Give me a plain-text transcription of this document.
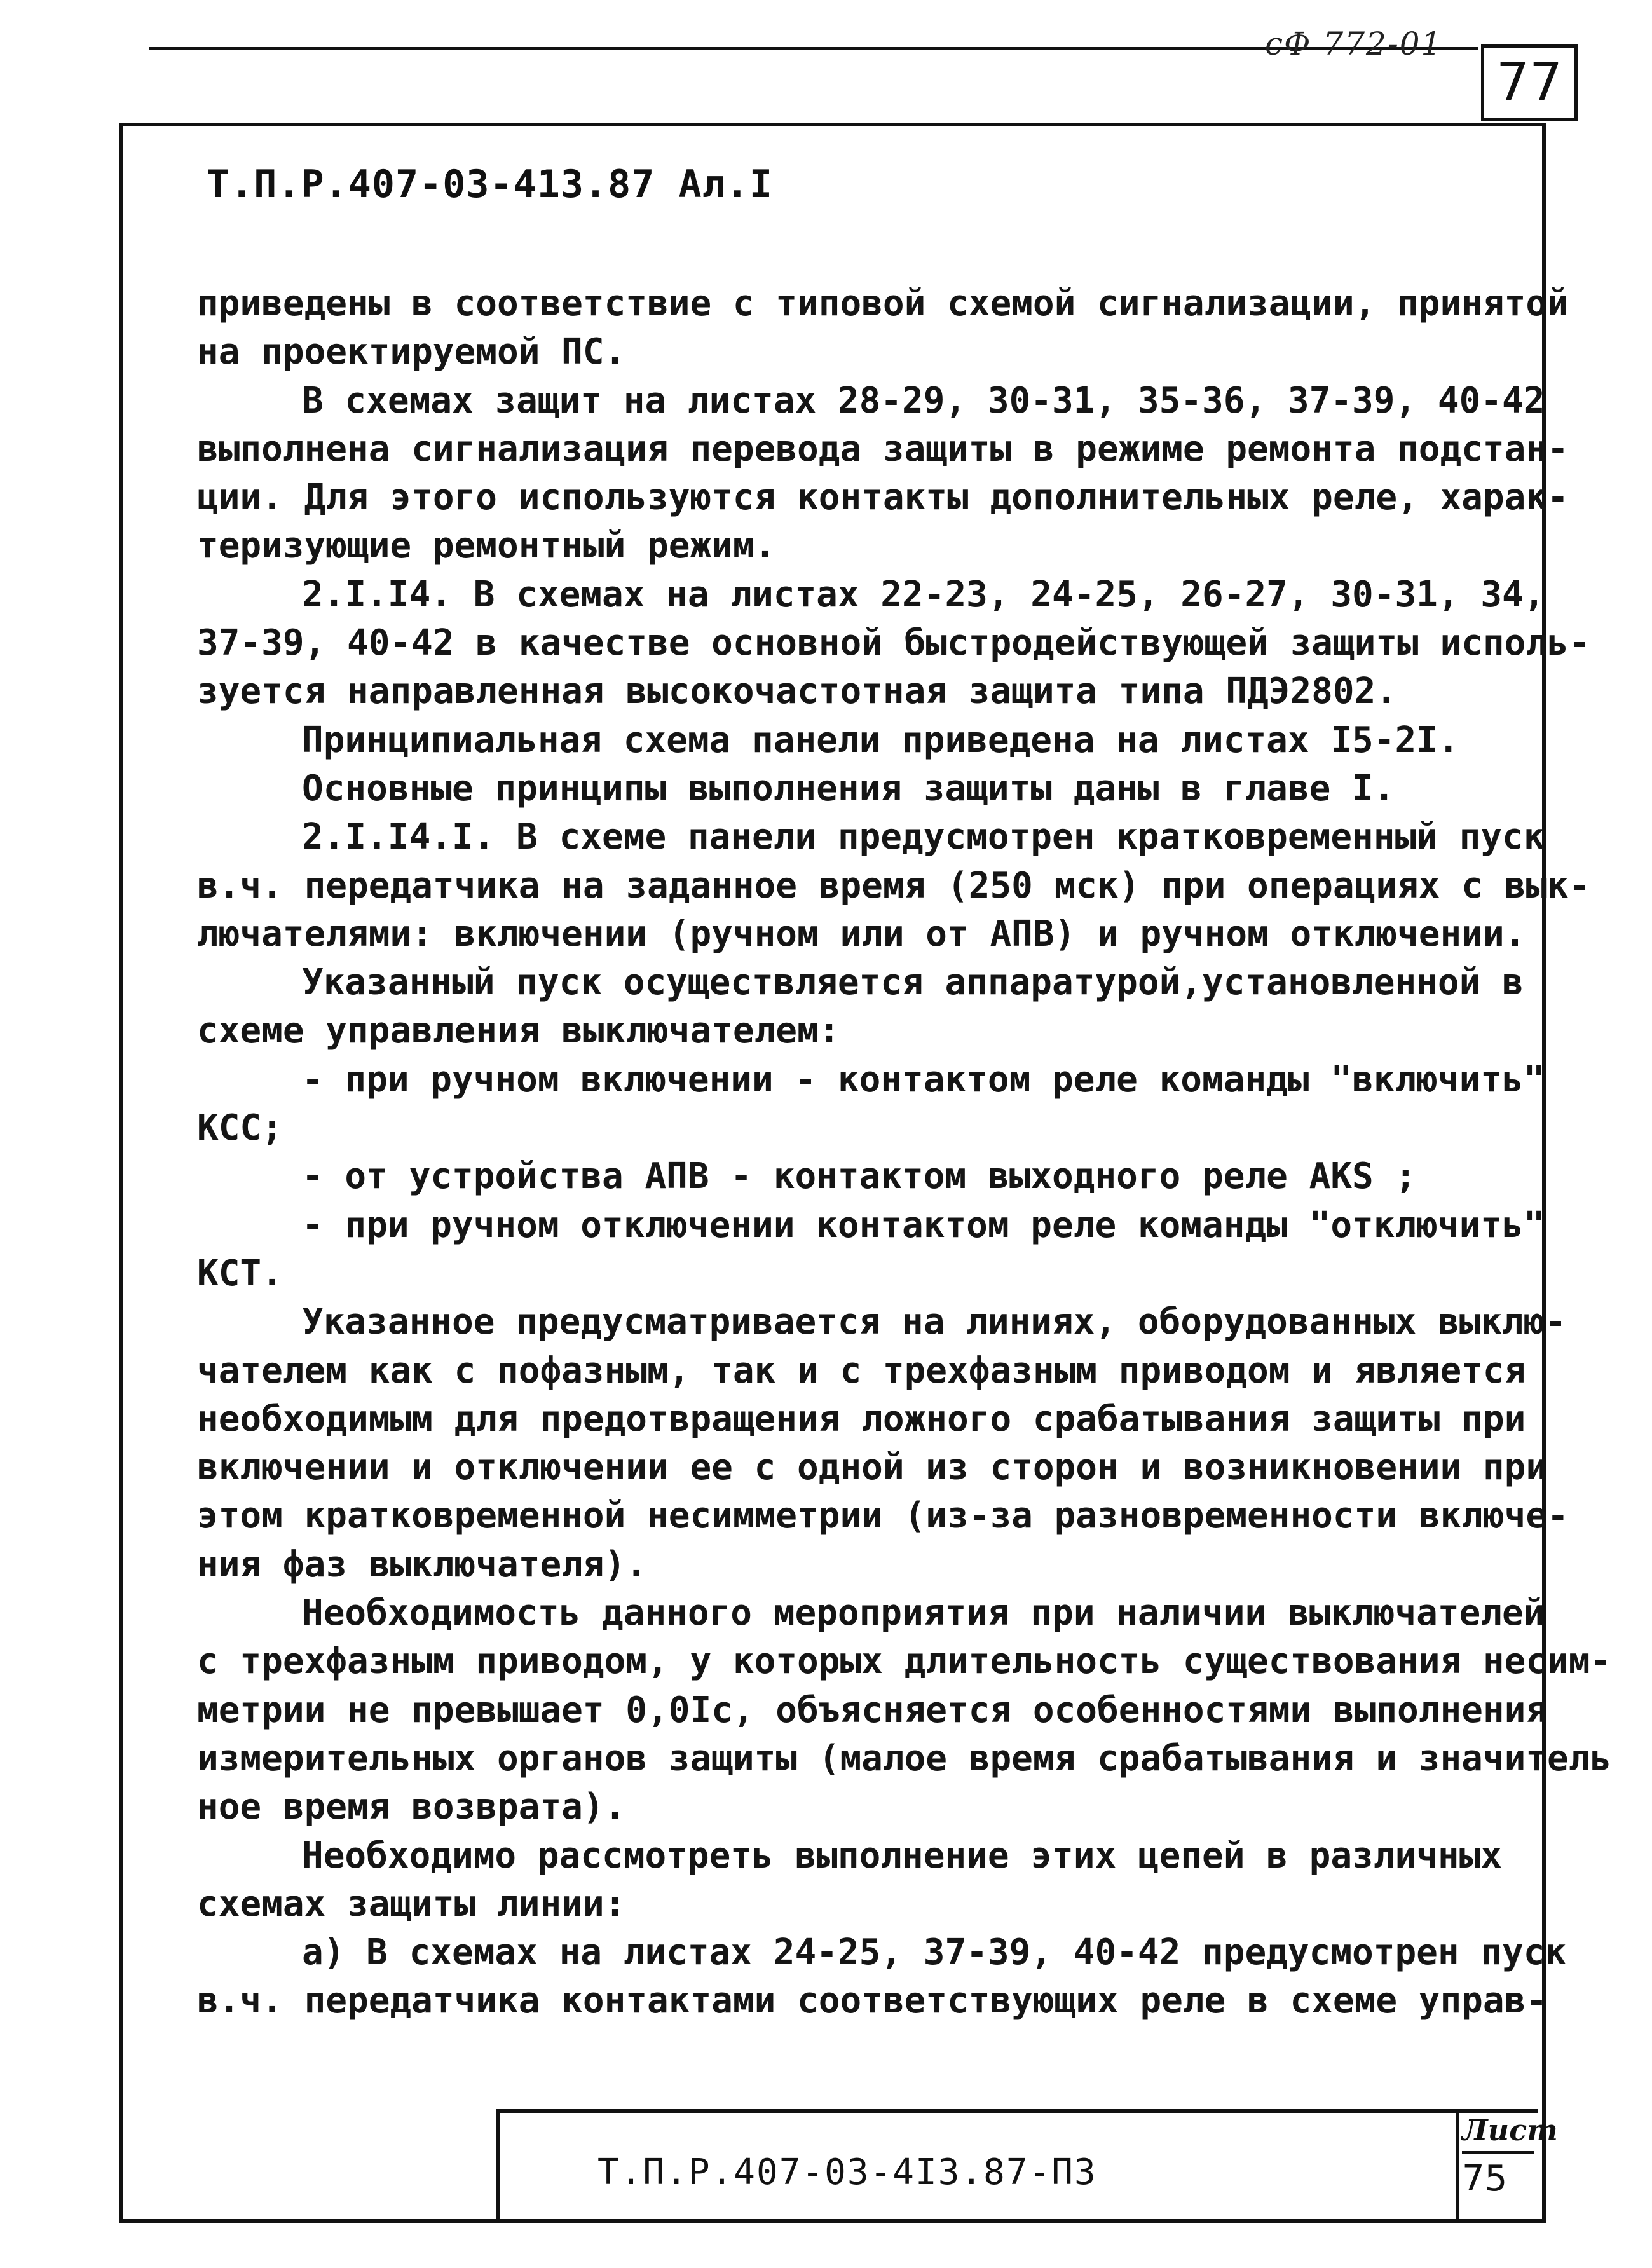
сФ 772-01
77
Т.П.Р.407-03-413.87 Ал.I
приведены в соответствие с типовой схемой сигнализации, принятой
на проектируемой ПС.
В схемах защит на листах 28-29, 30-31, 35-36, 37-39, 40-42
выполнена сигнализация перевода защиты в режиме ремонта подстан-
ции. Для этого используются контакты дополнительных реле, харак-
теризующие ремонтный режим.
2.I.I4. В схемах на листах 22-23, 24-25, 26-27, 30-31, 34,
37-39, 40-42 в качестве основной быстродействующей защиты исполь-
зуется направленная высокочастотная защита типа ПДЭ2802.
Принципиальная схема панели приведена на листах I5-2I.
Основные принципы выполнения защиты даны в главе I.
2.I.I4.I. В схеме панели предусмотрен кратковременный пуск
в.ч. передатчика на заданное время (250 мск) при операциях с вык-
лючателями: включении (ручном или от АПВ) и ручном отключении.
Указанный пуск осуществляется аппаратурой,установленной в
схеме управления выключателем:
- при ручном включении - контактом реле команды "включить"
КСС;
- от устройства АПВ - контактом выходного реле АКS ;
- при ручном отключении контактом реле команды "отключить"
КСТ.
Указанное предусматривается на линиях, оборудованных выклю-
чателем как с пофазным, так и с трехфазным приводом и является
необходимым для предотвращения ложного срабатывания защиты при
включении и отключении ее с одной из сторон и возникновении при
этом кратковременной несимметрии (из-за разновременности включе-
ния фаз выключателя).
Необходимость данного мероприятия при наличии выключателей
с трехфазным приводом, у которых длительность существования несим-
метрии не превышает 0,0Iс, объясняется особенностями выполнения
измерительных органов защиты (малое время срабатывания и значитель
ное время возврата).
Необходимо рассмотреть выполнение этих цепей в различных
схемах защиты линии:
а) В схемах на листах 24-25, 37-39, 40-42 предусмотрен пуск
в.ч. передатчика контактами соответствующих реле в схеме управ-
Т.П.Р.407-03-4I3.87-ПЗ
Лист
75
